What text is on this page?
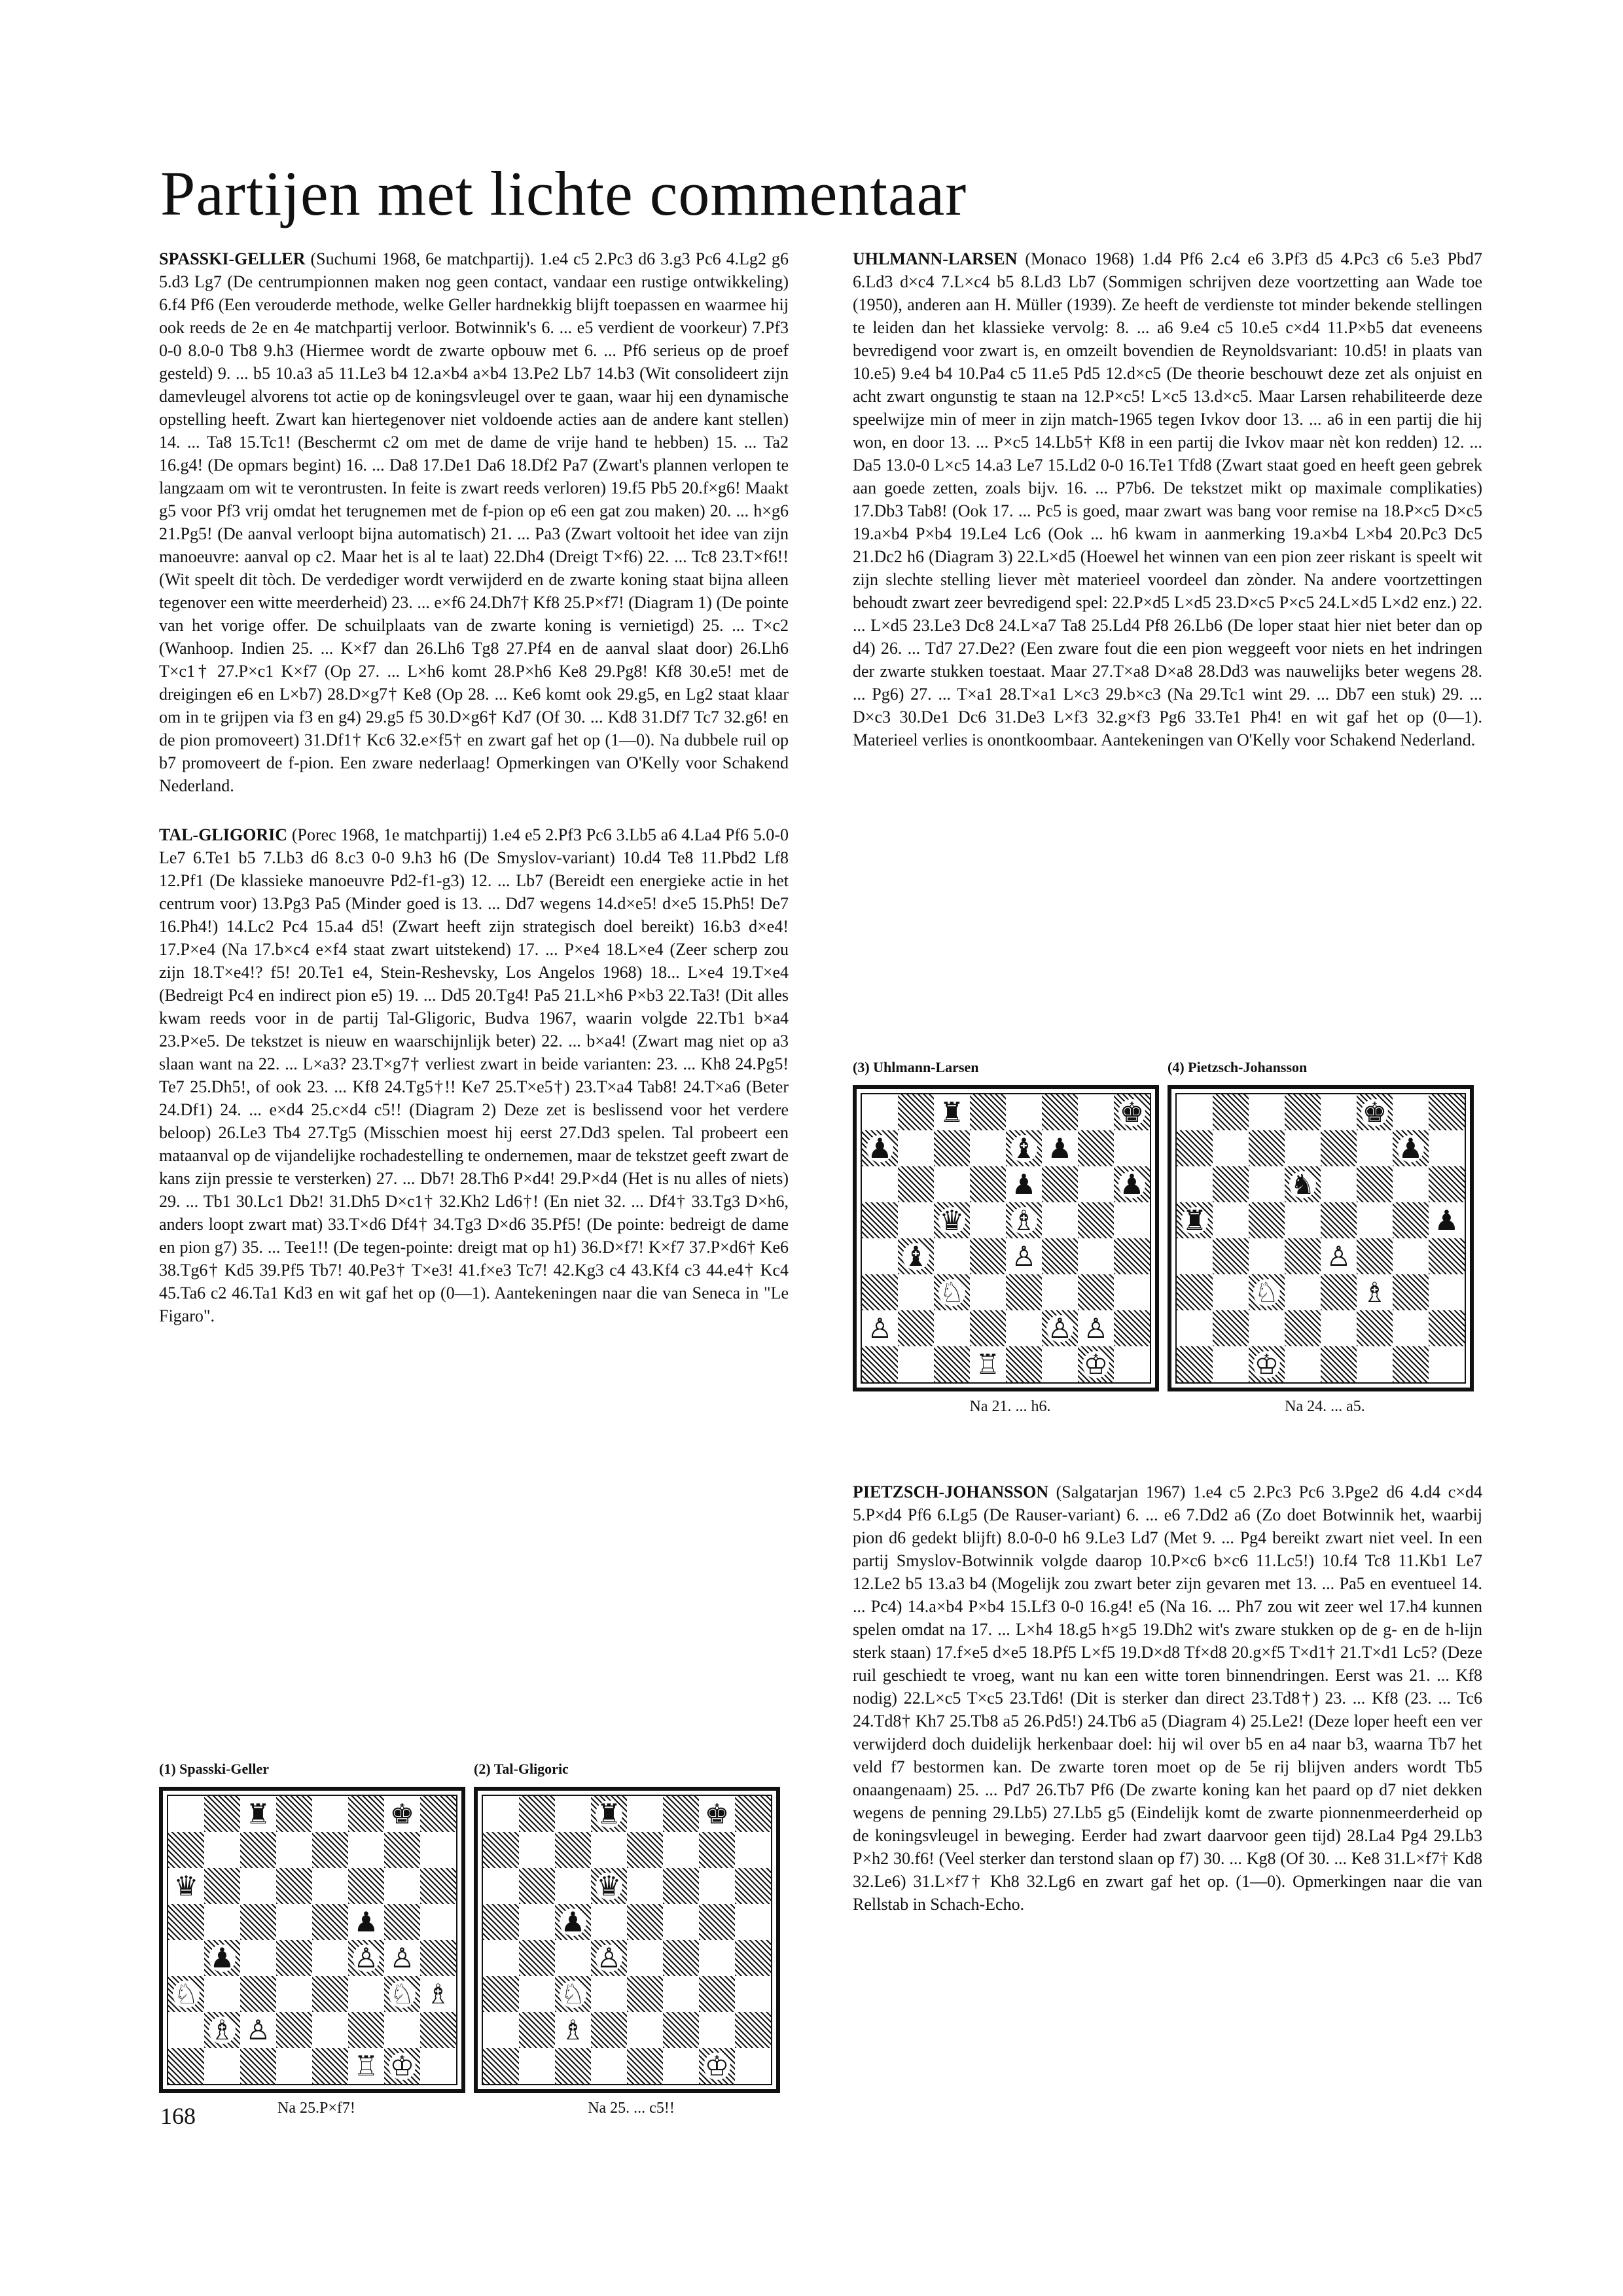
Partijen met lichte commentaar

SPASSKI-GELLER (Suchumi 1968, 6e matchpartij). 1.e4 c5 2.Pc3 d6 3.g3 Pc6 4.Lg2 g6 5.d3 Lg7 (De centrumpionnen maken nog geen contact, vandaar een rustige ontwikkeling) 6.f4 Pf6 (Een verouderde methode, welke Geller hardnekkig blijft toepassen en waarmee hij ook reeds de 2e en 4e matchpartij verloor. Botwinnik's 6. ... e5 verdient de voorkeur) 7.Pf3 0-0 8.0-0 Tb8 9.h3 (Hiermee wordt de zwarte opbouw met 6. ... Pf6 serieus op de proef gesteld) 9. ... b5 10.a3 a5 11.Le3 b4 12.a×b4 a×b4 13.Pe2 Lb7 14.b3 (Wit consolideert zijn damevleugel alvorens tot actie op de koningsvleugel over te gaan, waar hij een dynamische opstelling heeft. Zwart kan hiertegenover niet voldoende acties aan de andere kant stellen) 14. ... Ta8 15.Tc1! (Beschermt c2 om met de dame de vrije hand te hebben) 15. ... Ta2 16.g4! (De opmars begint) 16. ... Da8 17.De1 Da6 18.Df2 Pa7 (Zwart's plannen verlopen te langzaam om wit te verontrusten. In feite is zwart reeds verloren) 19.f5 Pb5 20.f×g6! Maakt g5 voor Pf3 vrij omdat het terugnemen met de f-pion op e6 een gat zou maken) 20. ... h×g6 21.Pg5! (De aanval verloopt bijna automatisch) 21. ... Pa3 (Zwart voltooit het idee van zijn manoeuvre: aanval op c2. Maar het is al te laat) 22.Dh4 (Dreigt T×f6) 22. ... Tc8 23.T×f6!! (Wit speelt dit tòch. De verdediger wordt verwijderd en de zwarte koning staat bijna alleen tegenover een witte meerderheid) 23. ... e×f6 24.Dh7† Kf8 25.P×f7! (Diagram 1) (De pointe van het vorige offer. De schuilplaats van de zwarte koning is vernietigd) 25. ... T×c2 (Wanhoop. Indien 25. ... K×f7 dan 26.Lh6 Tg8 27.Pf4 en de aanval slaat door) 26.Lh6 T×c1† 27.P×c1 K×f7 (Op 27. ... L×h6 komt 28.P×h6 Ke8 29.Pg8! Kf8 30.e5! met de dreigingen e6 en L×b7) 28.D×g7† Ke8 (Op 28. ... Ke6 komt ook 29.g5, en Lg2 staat klaar om in te grijpen via f3 en g4) 29.g5 f5 30.D×g6† Kd7 (Of 30. ... Kd8 31.Df7 Tc7 32.g6! en de pion promoveert) 31.Df1† Kc6 32.e×f5† en zwart gaf het op (1—0). Na dubbele ruil op b7 promoveert de f-pion. Een zware nederlaag! Opmerkingen van O'Kelly voor Schakend Nederland.

TAL-GLIGORIC (Porec 1968, 1e matchpartij) 1.e4 e5 2.Pf3 Pc6 3.Lb5 a6 4.La4 Pf6 5.0-0 Le7 6.Te1 b5 7.Lb3 d6 8.c3 0-0 9.h3 h6 (De Smyslov-variant) 10.d4 Te8 11.Pbd2 Lf8 12.Pf1 (De klassieke manoeuvre Pd2-f1-g3) 12. ... Lb7 (Bereidt een energieke actie in het centrum voor) 13.Pg3 Pa5 (Minder goed is 13. ... Dd7 wegens 14.d×e5! d×e5 15.Ph5! De7 16.Ph4!) 14.Lc2 Pc4 15.a4 d5! (Zwart heeft zijn strategisch doel bereikt) 16.b3 d×e4! 17.P×e4 (Na 17.b×c4 e×f4 staat zwart uitstekend) 17. ... P×e4 18.L×e4 (Zeer scherp zou zijn 18.T×e4!? f5! 20.Te1 e4, Stein-Reshevsky, Los Angelos 1968) 18... L×e4 19.T×e4 (Bedreigt Pc4 en indirect pion e5) 19. ... Dd5 20.Tg4! Pa5 21.L×h6 P×b3 22.Ta3! (Dit alles kwam reeds voor in de partij Tal-Gligoric, Budva 1967, waarin volgde 22.Tb1 b×a4 23.P×e5. De tekstzet is nieuw en waarschijnlijk beter) 22. ... b×a4! (Zwart mag niet op a3 slaan want na 22. ... L×a3? 23.T×g7† verliest zwart in beide varianten: 23. ... Kh8 24.Pg5! Te7 25.Dh5!, of ook 23. ... Kf8 24.Tg5†!! Ke7 25.T×e5†) 23.T×a4 Tab8! 24.T×a6 (Beter 24.Df1) 24. ... e×d4 25.c×d4 c5!! (Diagram 2) Deze zet is beslissend voor het verdere beloop) 26.Le3 Tb4 27.Tg5 (Misschien moest hij eerst 27.Dd3 spelen. Tal probeert een mataanval op de vijandelijke rochadestelling te ondernemen, maar de tekstzet geeft zwart de kans zijn pressie te versterken) 27. ... Db7! 28.Th6 P×d4! 29.P×d4 (Het is nu alles of niets) 29. ... Tb1 30.Lc1 Db2! 31.Dh5 D×c1† 32.Kh2 Ld6†! (En niet 32. ... Df4† 33.Tg3 D×h6, anders loopt zwart mat) 33.T×d6 Df4† 34.Tg3 D×d6 35.Pf5! (De pointe: bedreigt de dame en pion g7) 35. ... Tee1!! (De tegen-pointe: dreigt mat op h1) 36.D×f7! K×f7 37.P×d6† Ke6 38.Tg6† Kd5 39.Pf5 Tb7! 40.Pe3† T×e3! 41.f×e3 Tc7! 42.Kg3 c4 43.Kf4 c3 44.e4† Kc4 45.Ta6 c2 46.Ta1 Kd3 en wit gaf het op (0—1). Aantekeningen naar die van Seneca in "Le Figaro".

UHLMANN-LARSEN (Monaco 1968) 1.d4 Pf6 2.c4 e6 3.Pf3 d5 4.Pc3 c6 5.e3 Pbd7 6.Ld3 d×c4 7.L×c4 b5 8.Ld3 Lb7 (Sommigen schrijven deze voortzetting aan Wade toe (1950), anderen aan H. Müller (1939). Ze heeft de verdienste tot minder bekende stellingen te leiden dan het klassieke vervolg: 8. ... a6 9.e4 c5 10.e5 c×d4 11.P×b5 dat eveneens bevredigend voor zwart is, en omzeilt bovendien de Reynoldsvariant: 10.d5! in plaats van 10.e5) 9.e4 b4 10.Pa4 c5 11.e5 Pd5 12.d×c5 (De theorie beschouwt deze zet als onjuist en acht zwart ongunstig te staan na 12.P×c5! L×c5 13.d×c5. Maar Larsen rehabiliteerde deze speelwijze min of meer in zijn match-1965 tegen Ivkov door 13. ... a6 in een partij die hij won, en door 13. ... P×c5 14.Lb5† Kf8 in een partij die Ivkov maar nèt kon redden) 12. ... Da5 13.0-0 L×c5 14.a3 Le7 15.Ld2 0-0 16.Te1 Tfd8 (Zwart staat goed en heeft geen gebrek aan goede zetten, zoals bijv. 16. ... P7b6. De tekstzet mikt op maximale complikaties) 17.Db3 Tab8! (Ook 17. ... Pc5 is goed, maar zwart was bang voor remise na 18.P×c5 D×c5 19.a×b4 P×b4 19.Le4 Lc6 (Ook ... h6 kwam in aanmerking 19.a×b4 L×b4 20.Pc3 Dc5 21.Dc2 h6 (Diagram 3) 22.L×d5 (Hoewel het winnen van een pion zeer riskant is speelt wit zijn slechte stelling liever mèt materieel voordeel dan zònder. Na andere voortzettingen behoudt zwart zeer bevredigend spel: 22.P×d5 L×d5 23.D×c5 P×c5 24.L×d5 L×d2 enz.) 22. ... L×d5 23.Le3 Dc8 24.L×a7 Ta8 25.Ld4 Pf8 26.Lb6 (De loper staat hier niet beter dan op d4) 26. ... Td7 27.De2? (Een zware fout die een pion weggeeft voor niets en het indringen der zwarte stukken toestaat. Maar 27.T×a8 D×a8 28.Dd3 was nauwelijks beter wegens 28. ... Pg6) 27. ... T×a1 28.T×a1 L×c3 29.b×c3 (Na 29.Tc1 wint 29. ... Db7 een stuk) 29. ... D×c3 30.De1 Dc6 31.De3 L×f3 32.g×f3 Pg6 33.Te1 Ph4! en wit gaf het op (0—1). Materieel verlies is onontkoombaar. Aantekeningen van O'Kelly voor Schakend Nederland.

PIETZSCH-JOHANSSON (Salgatarjan 1967) 1.e4 c5 2.Pc3 Pc6 3.Pge2 d6 4.d4 c×d4 5.P×d4 Pf6 6.Lg5 (De Rauser-variant) 6. ... e6 7.Dd2 a6 (Zo doet Botwinnik het, waarbij pion d6 gedekt blijft) 8.0-0-0 h6 9.Le3 Ld7 (Met 9. ... Pg4 bereikt zwart niet veel. In een partij Smyslov-Botwinnik volgde daarop 10.P×c6 b×c6 11.Lc5!) 10.f4 Tc8 11.Kb1 Le7 12.Le2 b5 13.a3 b4 (Mogelijk zou zwart beter zijn gevaren met 13. ... Pa5 en eventueel 14. ... Pc4) 14.a×b4 P×b4 15.Lf3 0-0 16.g4! e5 (Na 16. ... Ph7 zou wit zeer wel 17.h4 kunnen spelen omdat na 17. ... L×h4 18.g5 h×g5 19.Dh2 wit's zware stukken op de g- en de h-lijn sterk staan) 17.f×e5 d×e5 18.Pf5 L×f5 19.D×d8 Tf×d8 20.g×f5 T×d1† 21.T×d1 Lc5? (Deze ruil geschiedt te vroeg, want nu kan een witte toren binnendringen. Eerst was 21. ... Kf8 nodig) 22.L×c5 T×c5 23.Td6! (Dit is sterker dan direct 23.Td8†) 23. ... Kf8 (23. ... Tc6 24.Td8† Kh7 25.Tb8 a5 26.Pd5!) 24.Tb6 a5 (Diagram 4) 25.Le2! (Deze loper heeft een ver verwijderd doch duidelijk herkenbaar doel: hij wil over b5 en a4 naar b3, waarna Tb7 het veld f7 bestormen kan. De zwarte toren moet op de 5e rij blijven anders wordt Tb5 onaangenaam) 25. ... Pd7 26.Tb7 Pf6 (De zwarte koning kan het paard op d7 niet dekken wegens de penning 29.Lb5) 27.Lb5 g5 (Eindelijk komt de zwarte pionnenmeerderheid op de koningsvleugel in beweging. Eerder had zwart daarvoor geen tijd) 28.La4 Pg4 29.Lb3 P×h2 30.f6! (Veel sterker dan terstond slaan op f7) 30. ... Kg8 (Of 30. ... Ke8 31.L×f7† Kd8 32.Le6) 31.L×f7† Kh8 32.Lg6 en zwart gaf het op. (1—0). Opmerkingen naar die van Rellstab in Schach-Echo.

(3) Uhlmann-Larsen
♜	♚
♟	♝ ♟
♟	♟
♛ ♗
♝	♙
♘
♙	♙ ♙
♖	♔
Na 21. ... h6.
(4) Pietzsch-Johansson
♚
♟
♞
♜	♟
♙
♘	♗
♔
Na 24. ... a5.
(1) Spasski-Geller
♜	♚
♛
♟
♟	♙ ♙
♘	♘ ♗
♗ ♙
♖ ♔
Na 25.P×f7!
(2) Tal-Gligoric
♜	♚
♛
♟
♙
♘
♗
♔
Na 25. ... c5!!
168
